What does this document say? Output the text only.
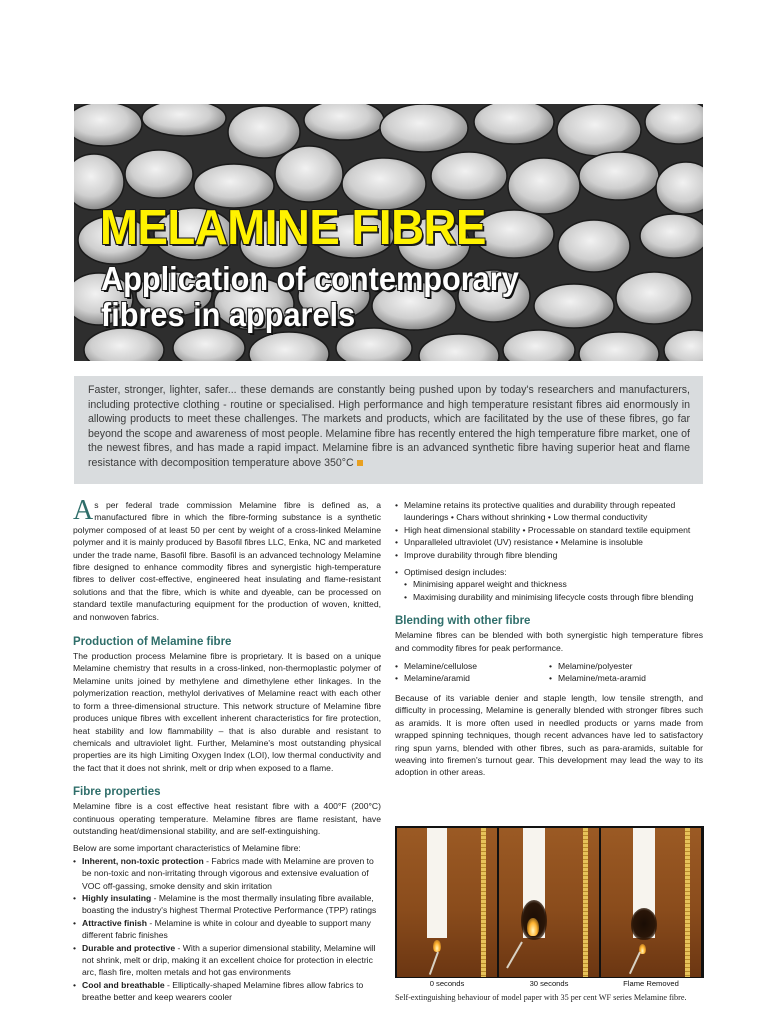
MELAMINE FIBRE
Application of contemporary
fibres in apparels

Faster, stronger, lighter, safer... these demands are constantly being pushed upon by today's researchers and manufacturers, including protective clothing - routine or specialised. High performance and high temperature resistant fibres aid enormously in allowing products to meet these challenges. The markets and products, which are facilitated by the use of these fibres, go far beyond the scope and awareness of most people. Melamine fibre has recently entered the high temperature fibre market, one of the newest fibres, and has made a rapid impact. Melamine fibre is an advanced synthetic fibre having superior heat and flame resistance with decomposition temperature above 350°C

As per federal trade commission Melamine fibre is defined as, a manufactured fibre in which the fibre-forming substance is a synthetic polymer composed of at least 50 per cent by weight of a cross-linked Melamine polymer and it is mainly produced by Basofil fibres LLC, Enka, NC and marketed under the trade name, Basofil fibre. Basofil is an advanced technology Melamine fibre designed to enhance commodity fibres and synergistic high-temperature fibres to deliver cost-effective, engineered heat insulating and flame-resistant solutions and that the fibre, which is white and dyeable, can be processed on standard textile manufacturing equipment for the production of woven, knitted, and nonwoven fabrics.

Production of Melamine fibre

The production process Melamine fibre is proprietary. It is based on a unique Melamine chemistry that results in a cross-linked, non-thermoplastic polymer of Melamine units joined by methylene and dimethylene ether linkages. In the polymerization reaction, methylol derivatives of Melamine react with each other to form a three-dimensional structure. This network structure of Melamine fibre produces unique fibres with excellent inherent characteristics for fire protection, heat stability and low flammability – that is also durable and resistant to chemicals and ultraviolet light. Further, Melamine's most outstanding physical properties are its high Limiting Oxygen Index (LOI), low thermal conductivity and the fact that it does not shrink, melt or drip when exposed to a flame.

Fibre properties

Melamine fibre is a cost effective heat resistant fibre with a 400°F (200°C) continuous operating temperature. Melamine fibres are flame resistant, have outstanding heat/dimensional stability, and are self-extinguishing.

Below are some important characteristics of Melamine fibre:

• Inherent, non-toxic protection - Fabrics made with Melamine are proven to be non-toxic and non-irritating through vigorous and extensive evaluation of VOC off-gassing, smoke density and skin irritation
• Highly insulating - Melamine is the most thermally insulating fibre available, boasting the industry's highest Thermal Protective Performance (TPP) ratings
• Attractive finish - Melamine is white in colour and dyeable to support many different fabric finishes
• Durable and protective - With a superior dimensional stability, Melamine will not shrink, melt or drip, making it an excellent choice for protection in electric arc, flash fire, molten metals and hot gas environments
• Cool and breathable - Elliptically-shaped Melamine fibres allow fabrics to breathe better and keep wearers cooler
• Melamine retains its protective qualities and durability through repeated launderings • Chars without shrinking • Low thermal conductivity
• High heat dimensional stability • Processable on standard textile equipment
• Unparalleled ultraviolet (UV) resistance • Melamine is insoluble
• Improve durability through fibre blending
• Optimised design includes:
• Minimising apparel weight and thickness
• Maximising durability and minimising lifecycle costs through fibre blending
Blending with other fibre

Melamine fibres can be blended with both synergistic high temperature fibres and commodity fibres for peak performance.

• Melamine/cellulose
• Melamine/aramid
• Melamine/polyester
• Melamine/meta-aramid

Because of its variable denier and staple length, low tensile strength, and difficulty in processing, Melamine is generally blended with stronger fibres such as aramids. It is more often used in needled products or yarns made from wrapped spinning techniques, though recent advances have led to satisfactory ring spun yarns, blended with other fibres, such as para-aramids, suitable for weaving into firemen's turnout gear. This development may lead the way to its adoption in other areas.

0 seconds	30 seconds	Flame Removed
Self-extinguishing behaviour of model paper with 35 per cent WF series Melamine fibre.
